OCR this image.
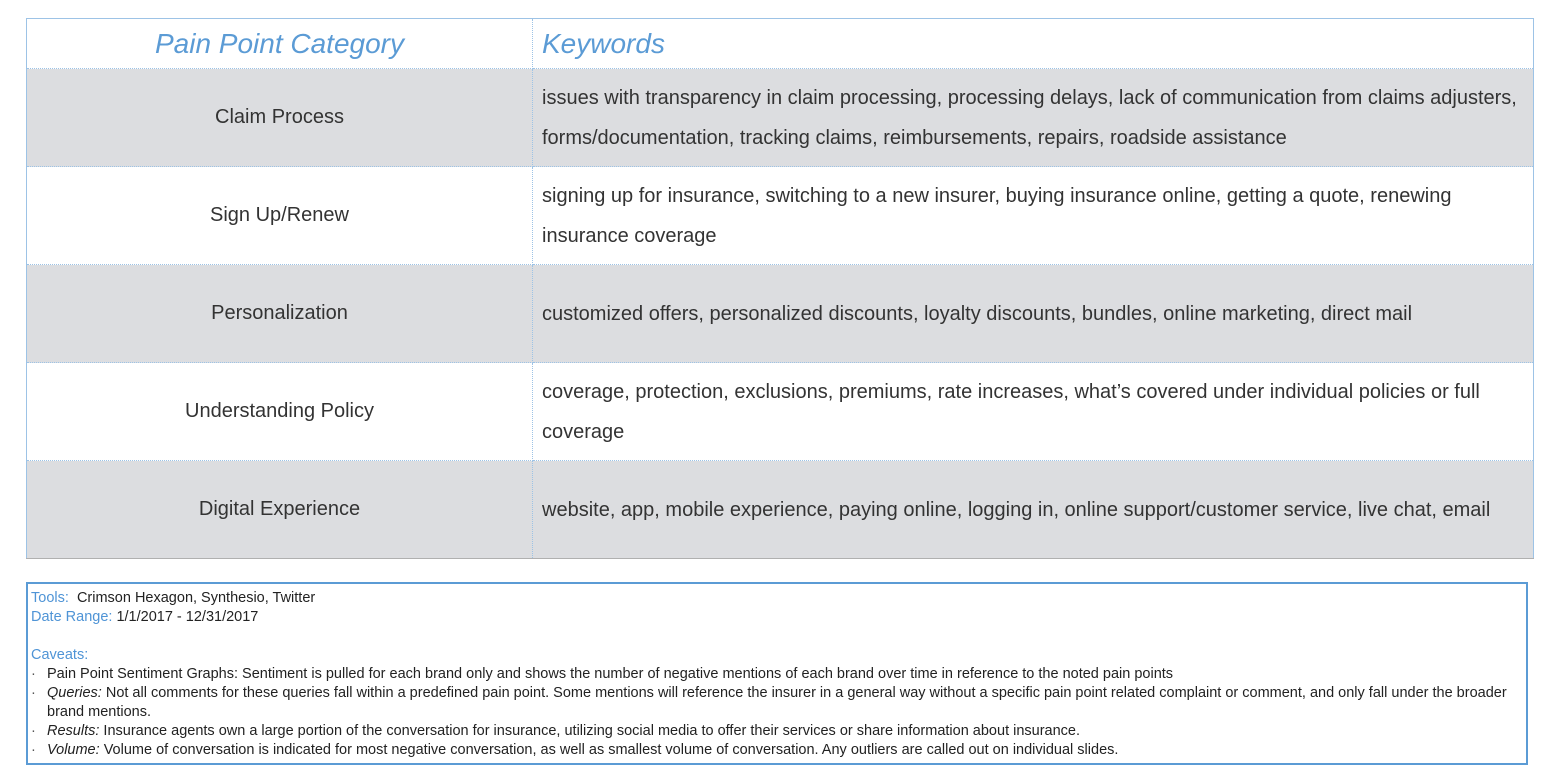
Pain Point Category	Keywords
Claim Process	issues with transparency in claim processing, processing delays, lack of communication from claims adjusters, forms/documentation, tracking claims, reimbursements, repairs, roadside assistance
Sign Up/Renew	signing up for insurance, switching to a new insurer, buying insurance online, getting a quote, renewing insurance coverage
Personalization	customized offers, personalized discounts, loyalty discounts, bundles, online marketing, direct mail
Understanding Policy	coverage, protection, exclusions, premiums, rate increases, what’s covered under individual policies or full coverage
Digital Experience	website, app, mobile experience, paying online, logging in, online support/customer service, live chat, email
Tools: Crimson Hexagon, Synthesio, Twitter
Date Range: 1/1/2017 - 12/31/2017
Caveats:
· Pain Point Sentiment Graphs: Sentiment is pulled for each brand only and shows the number of negative mentions of each brand over time in reference to the noted pain points
· Queries: Not all comments for these queries fall within a predefined pain point. Some mentions will reference the insurer in a general way without a specific pain point related complaint or comment, and only fall under the broader brand mentions.
· Results: Insurance agents own a large portion of the conversation for insurance, utilizing social media to offer their services or share information about insurance.
· Volume: Volume of conversation is indicated for most negative conversation, as well as smallest volume of conversation. Any outliers are called out on individual slides.
